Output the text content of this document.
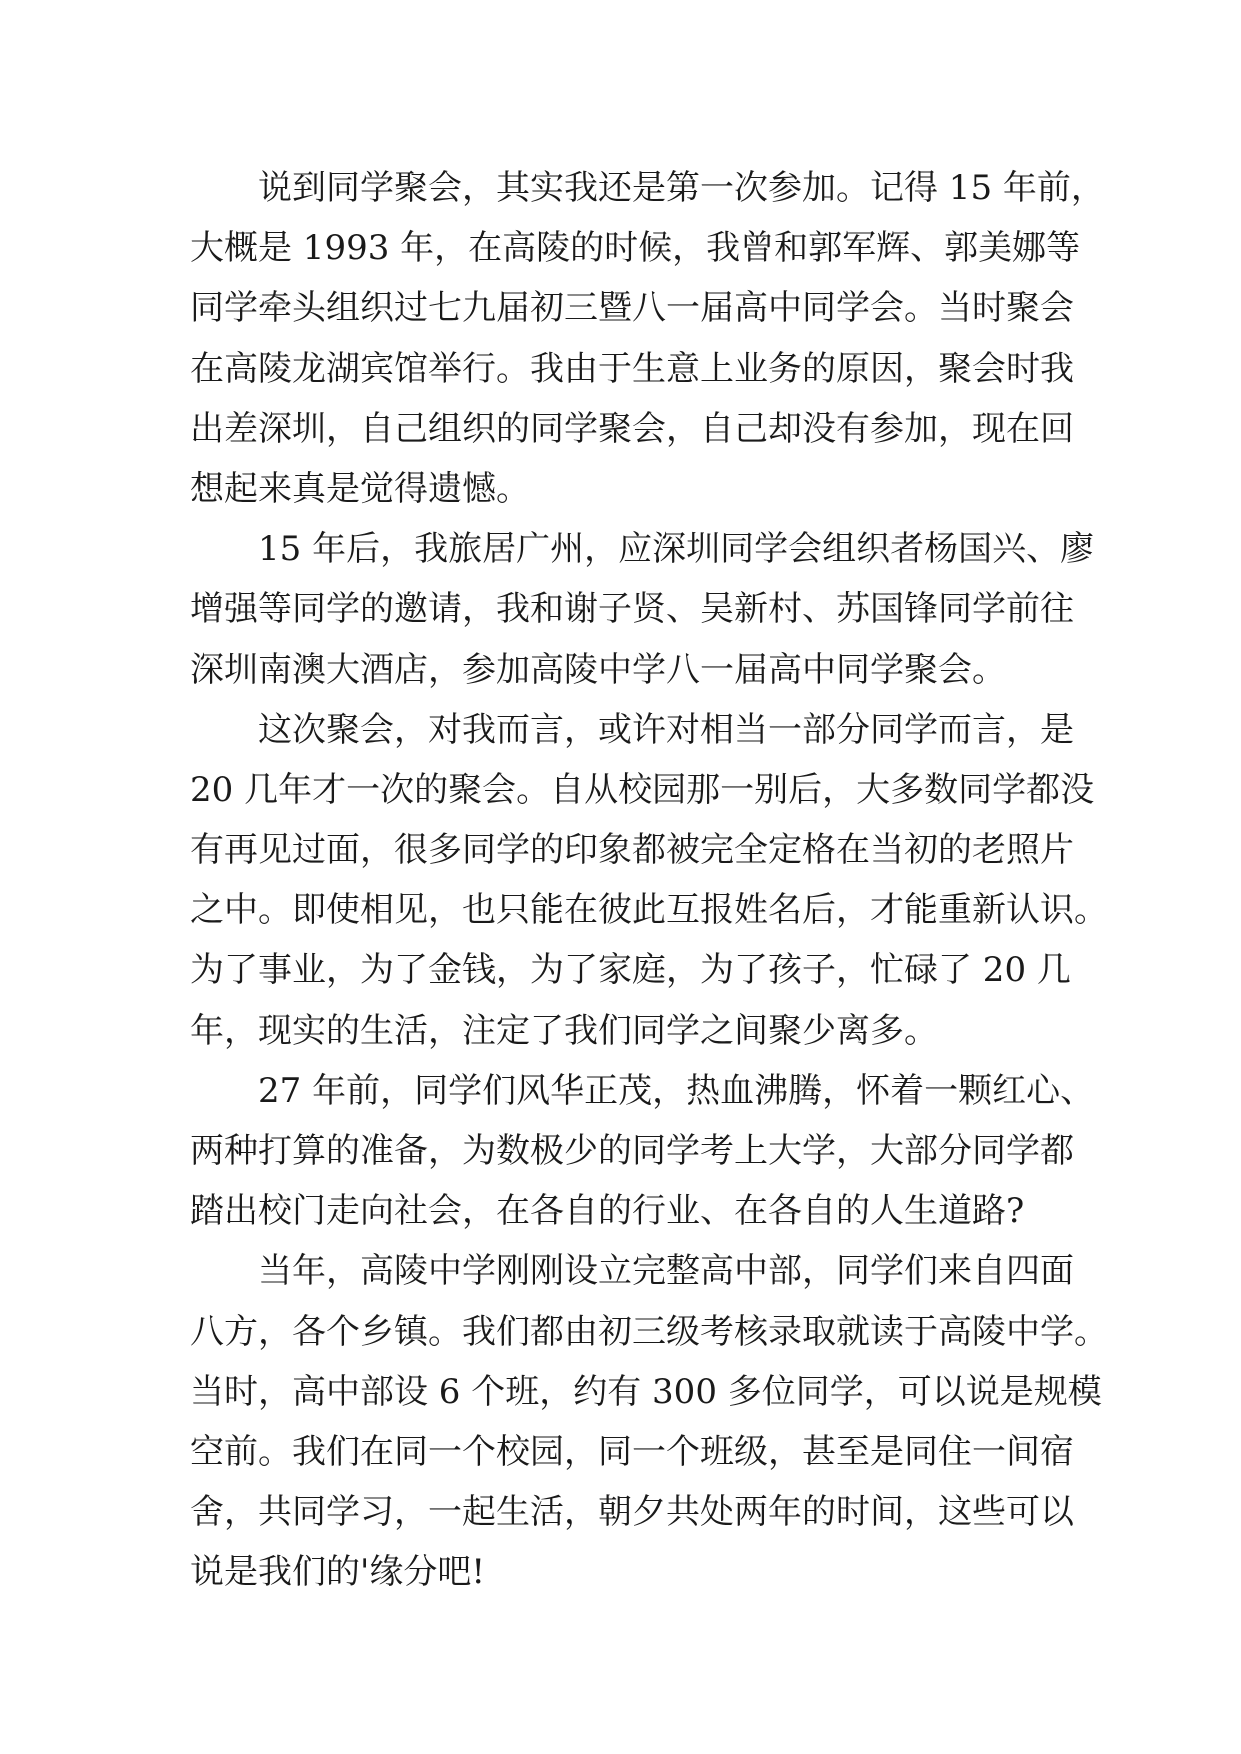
说到同学聚会，其实我还是第一次参加。记得 15 年前，
大概是 1993 年，在高陵的时候，我曾和郭军辉、郭美娜等
同学牵头组织过七九届初三暨八一届高中同学会。当时聚会
在高陵龙湖宾馆举行。我由于生意上业务的原因，聚会时我
出差深圳，自己组织的同学聚会，自己却没有参加，现在回
想起来真是觉得遗憾。
15 年后，我旅居广州，应深圳同学会组织者杨国兴、廖
增强等同学的邀请，我和谢子贤、吴新村、苏国锋同学前往
深圳南澳大酒店，参加高陵中学八一届高中同学聚会。
这次聚会，对我而言，或许对相当一部分同学而言，是
20 几年才一次的聚会。自从校园那一别后，大多数同学都没
有再见过面，很多同学的印象都被完全定格在当初的老照片
之中。即使相见，也只能在彼此互报姓名后，才能重新认识。
为了事业，为了金钱，为了家庭，为了孩子，忙碌了 20 几
年，现实的生活，注定了我们同学之间聚少离多。
27 年前，同学们风华正茂，热血沸腾，怀着一颗红心、
两种打算的准备，为数极少的同学考上大学，大部分同学都
踏出校门走向社会，在各自的行业、在各自的人生道路?
当年，高陵中学刚刚设立完整高中部，同学们来自四面
八方，各个乡镇。我们都由初三级考核录取就读于高陵中学。
当时，高中部设 6 个班，约有 300 多位同学，可以说是规模
空前。我们在同一个校园，同一个班级，甚至是同住一间宿
舍，共同学习，一起生活，朝夕共处两年的时间，这些可以
说是我们的'缘分吧!
